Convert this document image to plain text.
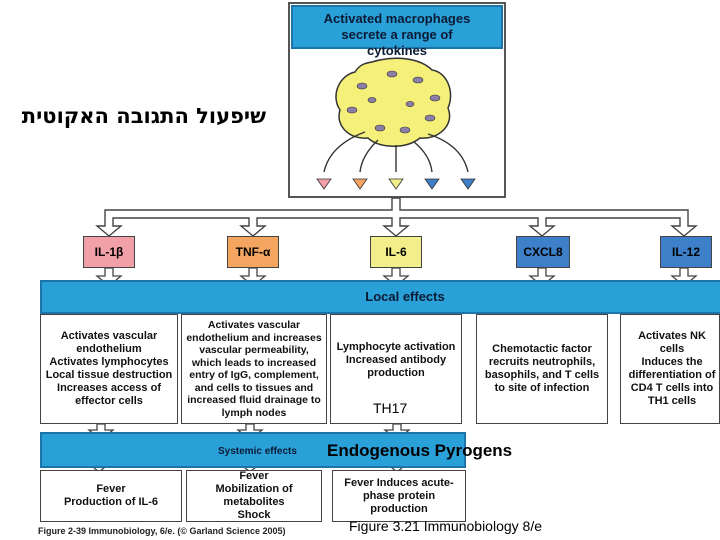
Activated macrophages secrete a range of cytokines
שיפעול התגובה האקוטית
IL-1β	TNF-α	IL-6	CXCL8	IL-12
Local effects
Activates vascular endothelium
Activates lymphocytes
Local tissue destruction
Increases access of effector cells
Activates vascular endothelium and increases vascular permeability, which leads to increased entry of IgG, complement, and cells to tissues and increased fluid drainage to lymph nodes
Lymphocyte activation
Increased antibody production
Chemotactic factor recruits neutrophils, basophils, and T cells to site of infection
Activates NK cells
Induces the differentiation of CD4 T cells into TH1 cells
TH17
Systemic effects Endogenous Pyrogens
Fever
Production of IL-6
Fever
Mobilization of metabolites
Shock
Fever Induces acute-phase protein production
Figure 2-39 Immunobiology, 6/e. (© Garland Science 2005)	Figure 3.21 Immunobiology 8/e
